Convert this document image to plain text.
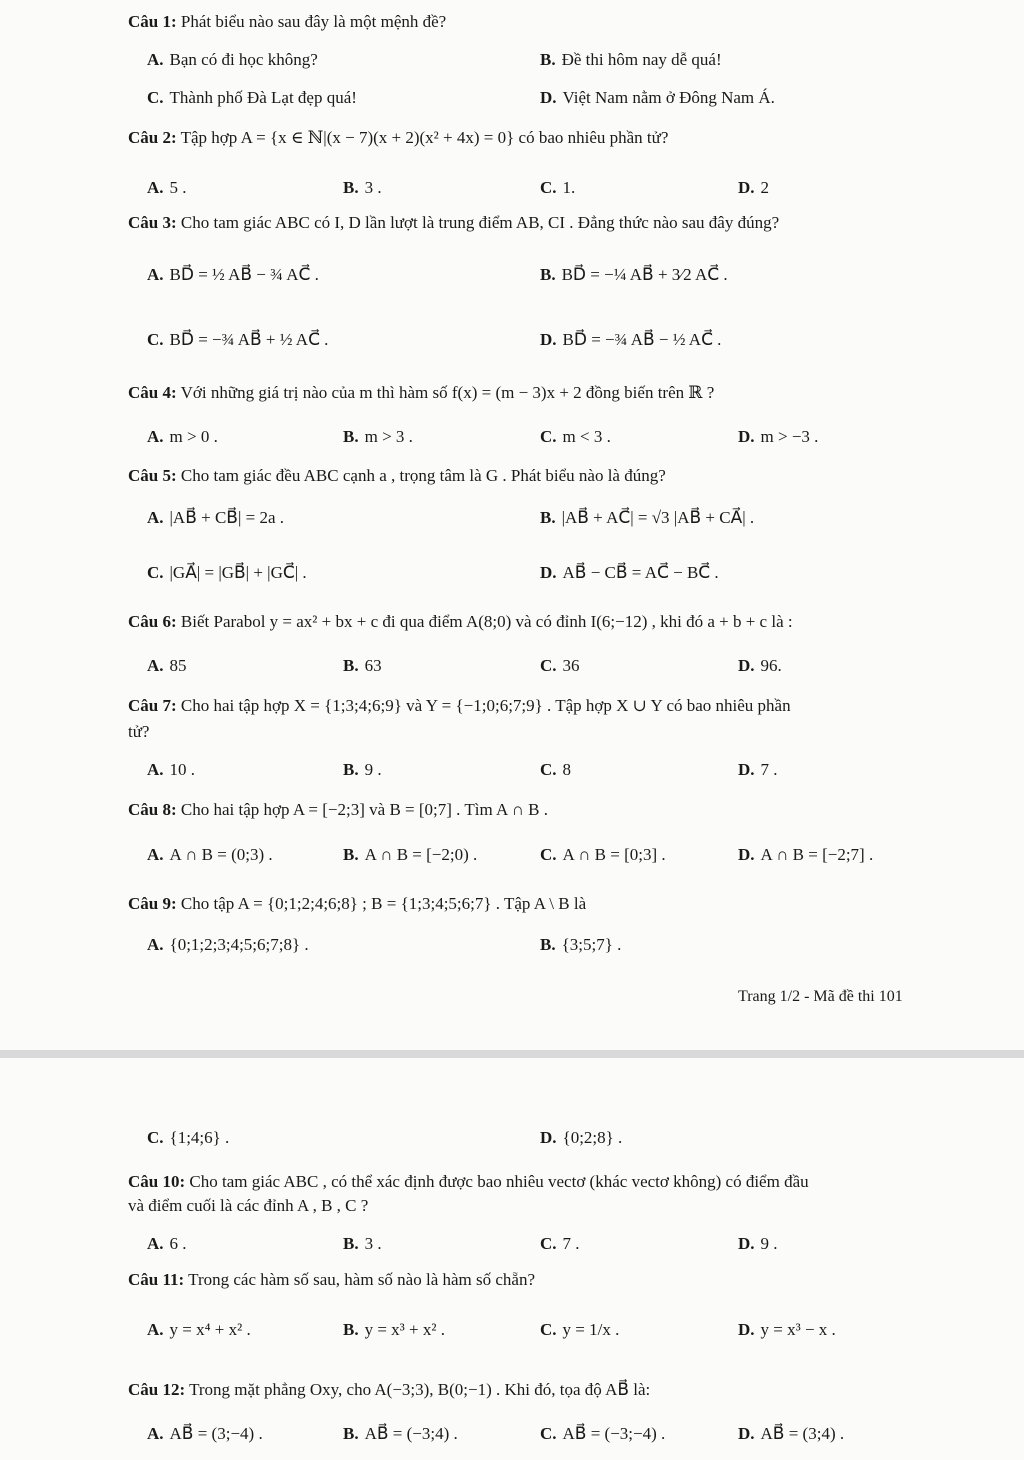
Câu 1: Phát biểu nào sau đây là một mệnh đề?
A. Bạn có đi học không?	B. Đề thi hôm nay dễ quá!
C. Thành phố Đà Lạt đẹp quá!	D. Việt Nam nằm ở Đông Nam Á.
Câu 2: Tập hợp A = {x ∈ ℕ|(x − 7)(x + 2)(x² + 4x) = 0} có bao nhiêu phần tử?
A. 5 .	B. 3 .	C. 1.	D. 2
Câu 3: Cho tam giác ABC có I, D lần lượt là trung điểm AB, CI . Đẳng thức nào sau đây đúng?
A. BD⃗ = ½ AB⃗ − ¾ AC⃗ .	B. BD⃗ = −¼ AB⃗ + 3⁄2 AC⃗ .
C. BD⃗ = −¾ AB⃗ + ½ AC⃗ .	D. BD⃗ = −¾ AB⃗ − ½ AC⃗ .
Câu 4: Với những giá trị nào của m thì hàm số f(x) = (m − 3)x + 2 đồng biến trên ℝ ?
A. m > 0 .	B. m > 3 .	C. m < 3 .	D. m > −3 .
Câu 5: Cho tam giác đều ABC cạnh a , trọng tâm là G . Phát biểu nào là đúng?
A. |AB⃗ + CB⃗| = 2a .	B. |AB⃗ + AC⃗| = √3 |AB⃗ + CA⃗| .
C. |GA⃗| = |GB⃗| + |GC⃗| .	D. AB⃗ − CB⃗ = AC⃗ − BC⃗ .
Câu 6: Biết Parabol y = ax² + bx + c đi qua điểm A(8;0) và có đỉnh I(6;−12) , khi đó a + b + c là :
A. 85	B. 63	C. 36	D. 96.
Câu 7: Cho hai tập hợp X = {1;3;4;6;9} và Y = {−1;0;6;7;9} . Tập hợp X ∪ Y có bao nhiêu phần
tử?
A. 10 .	B. 9 .	C. 8	D. 7 .
Câu 8: Cho hai tập hợp A = [−2;3] và B = [0;7] . Tìm A ∩ B .
A. A ∩ B = (0;3) .	B. A ∩ B = [−2;0) .	C. A ∩ B = [0;3] .	D. A ∩ B = [−2;7] .
Câu 9: Cho tập A = {0;1;2;4;6;8} ; B = {1;3;4;5;6;7} . Tập A \ B là
A. {0;1;2;3;4;5;6;7;8} .	B. {3;5;7} .
Trang 1/2 - Mã đề thi 101
C. {1;4;6} .	D. {0;2;8} .
Câu 10: Cho tam giác ABC , có thể xác định được bao nhiêu vectơ (khác vectơ không) có điểm đầu
và điểm cuối là các đỉnh A , B , C ?
A. 6 .	B. 3 .	C. 7 .	D. 9 .
Câu 11: Trong các hàm số sau, hàm số nào là hàm số chẵn?
A. y = x⁴ + x² .	B. y = x³ + x² .	C. y = 1/x .	D. y = x³ − x .
Câu 12: Trong mặt phẳng Oxy, cho A(−3;3), B(0;−1) . Khi đó, tọa độ AB⃗ là:
A. AB⃗ = (3;−4) .	B. AB⃗ = (−3;4) .	C. AB⃗ = (−3;−4) .	D. AB⃗ = (3;4) .
